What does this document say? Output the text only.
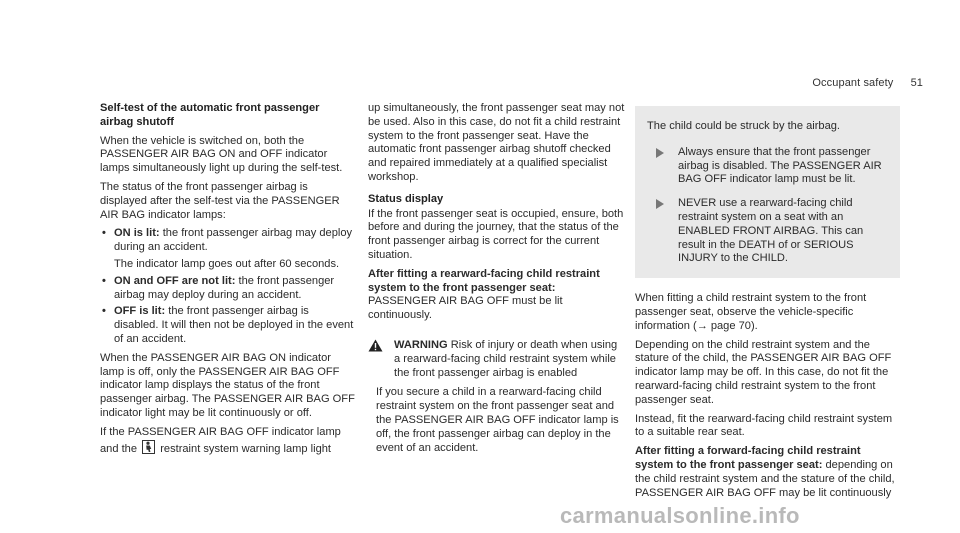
Occupant safety 51

Self-test of the automatic front passenger airbag shutoff

When the vehicle is switched on, both the PASSENGER AIR BAG ON and OFF indicator lamps simultaneously light up during the self-test.

The status of the front passenger airbag is displayed after the self-test via the PASSENGER AIR BAG indicator lamps:

• ON is lit: the front passenger airbag may deploy during an accident.
The indicator lamp goes out after 60 seconds.
• ON and OFF are not lit: the front passenger airbag may deploy during an accident.
• OFF is lit: the front passenger airbag is disabled. It will then not be deployed in the event of an accident.

When the PASSENGER AIR BAG ON indicator lamp is off, only the PASSENGER AIR BAG OFF indicator lamp displays the status of the front passenger airbag. The PASSENGER AIR BAG OFF indicator light may be lit continuously or off.

If the PASSENGER AIR BAG OFF indicator lamp and the restraint system warning lamp light

up simultaneously, the front passenger seat may not be used. Also in this case, do not fit a child restraint system to the front passenger seat. Have the automatic front passenger airbag shutoff checked and repaired immediately at a qualified specialist workshop.

Status display

If the front passenger seat is occupied, ensure, both before and during the journey, that the status of the front passenger airbag is correct for the current situation.

After fitting a rearward-facing child restraint system to the front passenger seat: PASSENGER AIR BAG OFF must be lit continuously.

WARNING Risk of injury or death when using a rearward-facing child restraint system while the front passenger airbag is enabled
If you secure a child in a rearward-facing child restraint system on the front passenger seat and the PASSENGER AIR BAG OFF indicator lamp is off, the front passenger airbag can deploy in the event of an accident.

The child could be struck by the airbag.

Always ensure that the front passenger airbag is disabled. The PASSENGER AIR BAG OFF indicator lamp must be lit.
NEVER use a rearward-facing child restraint system on a seat with an ENABLED FRONT AIRBAG. This can result in the DEATH of or SERIOUS INJURY to the CHILD.

When fitting a child restraint system to the front passenger seat, observe the vehicle-specific information (→ page 70).

Depending on the child restraint system and the stature of the child, the PASSENGER AIR BAG OFF indicator lamp may be off. In this case, do not fit the rearward-facing child restraint system to the front passenger seat.

Instead, fit the rearward-facing child restraint system to a suitable rear seat.

After fitting a forward-facing child restraint system to the front passenger seat: depending on the child restraint system and the stature of the child, PASSENGER AIR BAG OFF may be lit continuously

carmanualsonline.info
